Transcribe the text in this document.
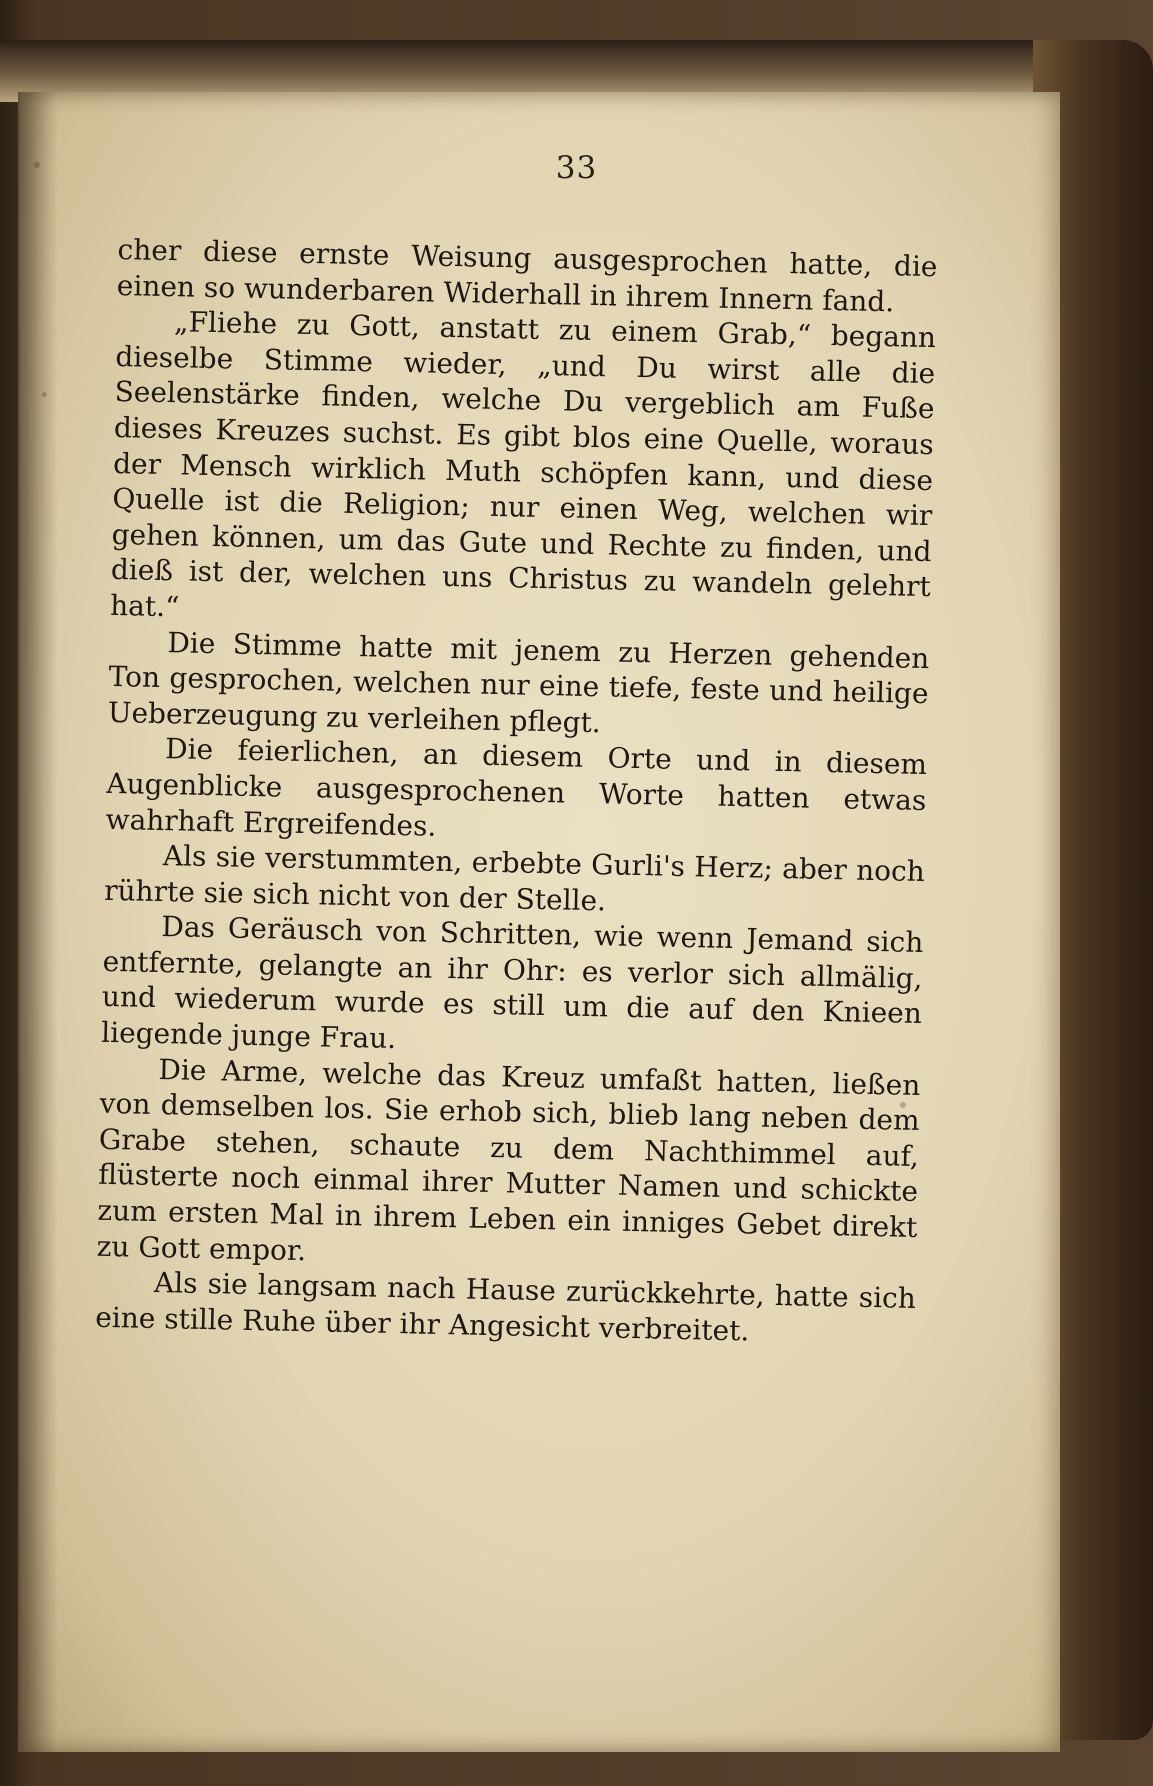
33

cher diese ernste Weisung ausgesprochen hatte, die einen so wunderbaren Widerhall in ihrem Innern fand.

„Fliehe zu Gott, anstatt zu einem Grab,“ begann dieselbe Stimme wieder, „und Du wirst alle die Seelenstärke finden, welche Du vergeblich am Fuße dieses Kreuzes suchst. Es gibt blos eine Quelle, woraus der Mensch wirklich Muth schöpfen kann, und diese Quelle ist die Religion; nur einen Weg, welchen wir gehen können, um das Gute und Rechte zu finden, und dieß ist der, welchen uns Christus zu wandeln gelehrt hat.“

Die Stimme hatte mit jenem zu Herzen gehenden Ton gesprochen, welchen nur eine tiefe, feste und heilige Ueberzeugung zu verleihen pflegt.

Die feierlichen, an diesem Orte und in diesem Augenblicke ausgesprochenen Worte hatten etwas wahrhaft Ergreifendes.

Als sie verstummten, erbebte Gurli's Herz; aber noch rührte sie sich nicht von der Stelle.

Das Geräusch von Schritten, wie wenn Jemand sich entfernte, gelangte an ihr Ohr: es verlor sich allmälig, und wiederum wurde es still um die auf den Knieen liegende junge Frau.

Die Arme, welche das Kreuz umfaßt hatten, ließen von demselben los. Sie erhob sich, blieb lang neben dem Grabe stehen, schaute zu dem Nachthimmel auf, flüsterte noch einmal ihrer Mutter Namen und schickte zum ersten Mal in ihrem Leben ein inniges Gebet direkt zu Gott empor.

Als sie langsam nach Hause zurückkehrte, hatte sich eine stille Ruhe über ihr Angesicht verbreitet.
